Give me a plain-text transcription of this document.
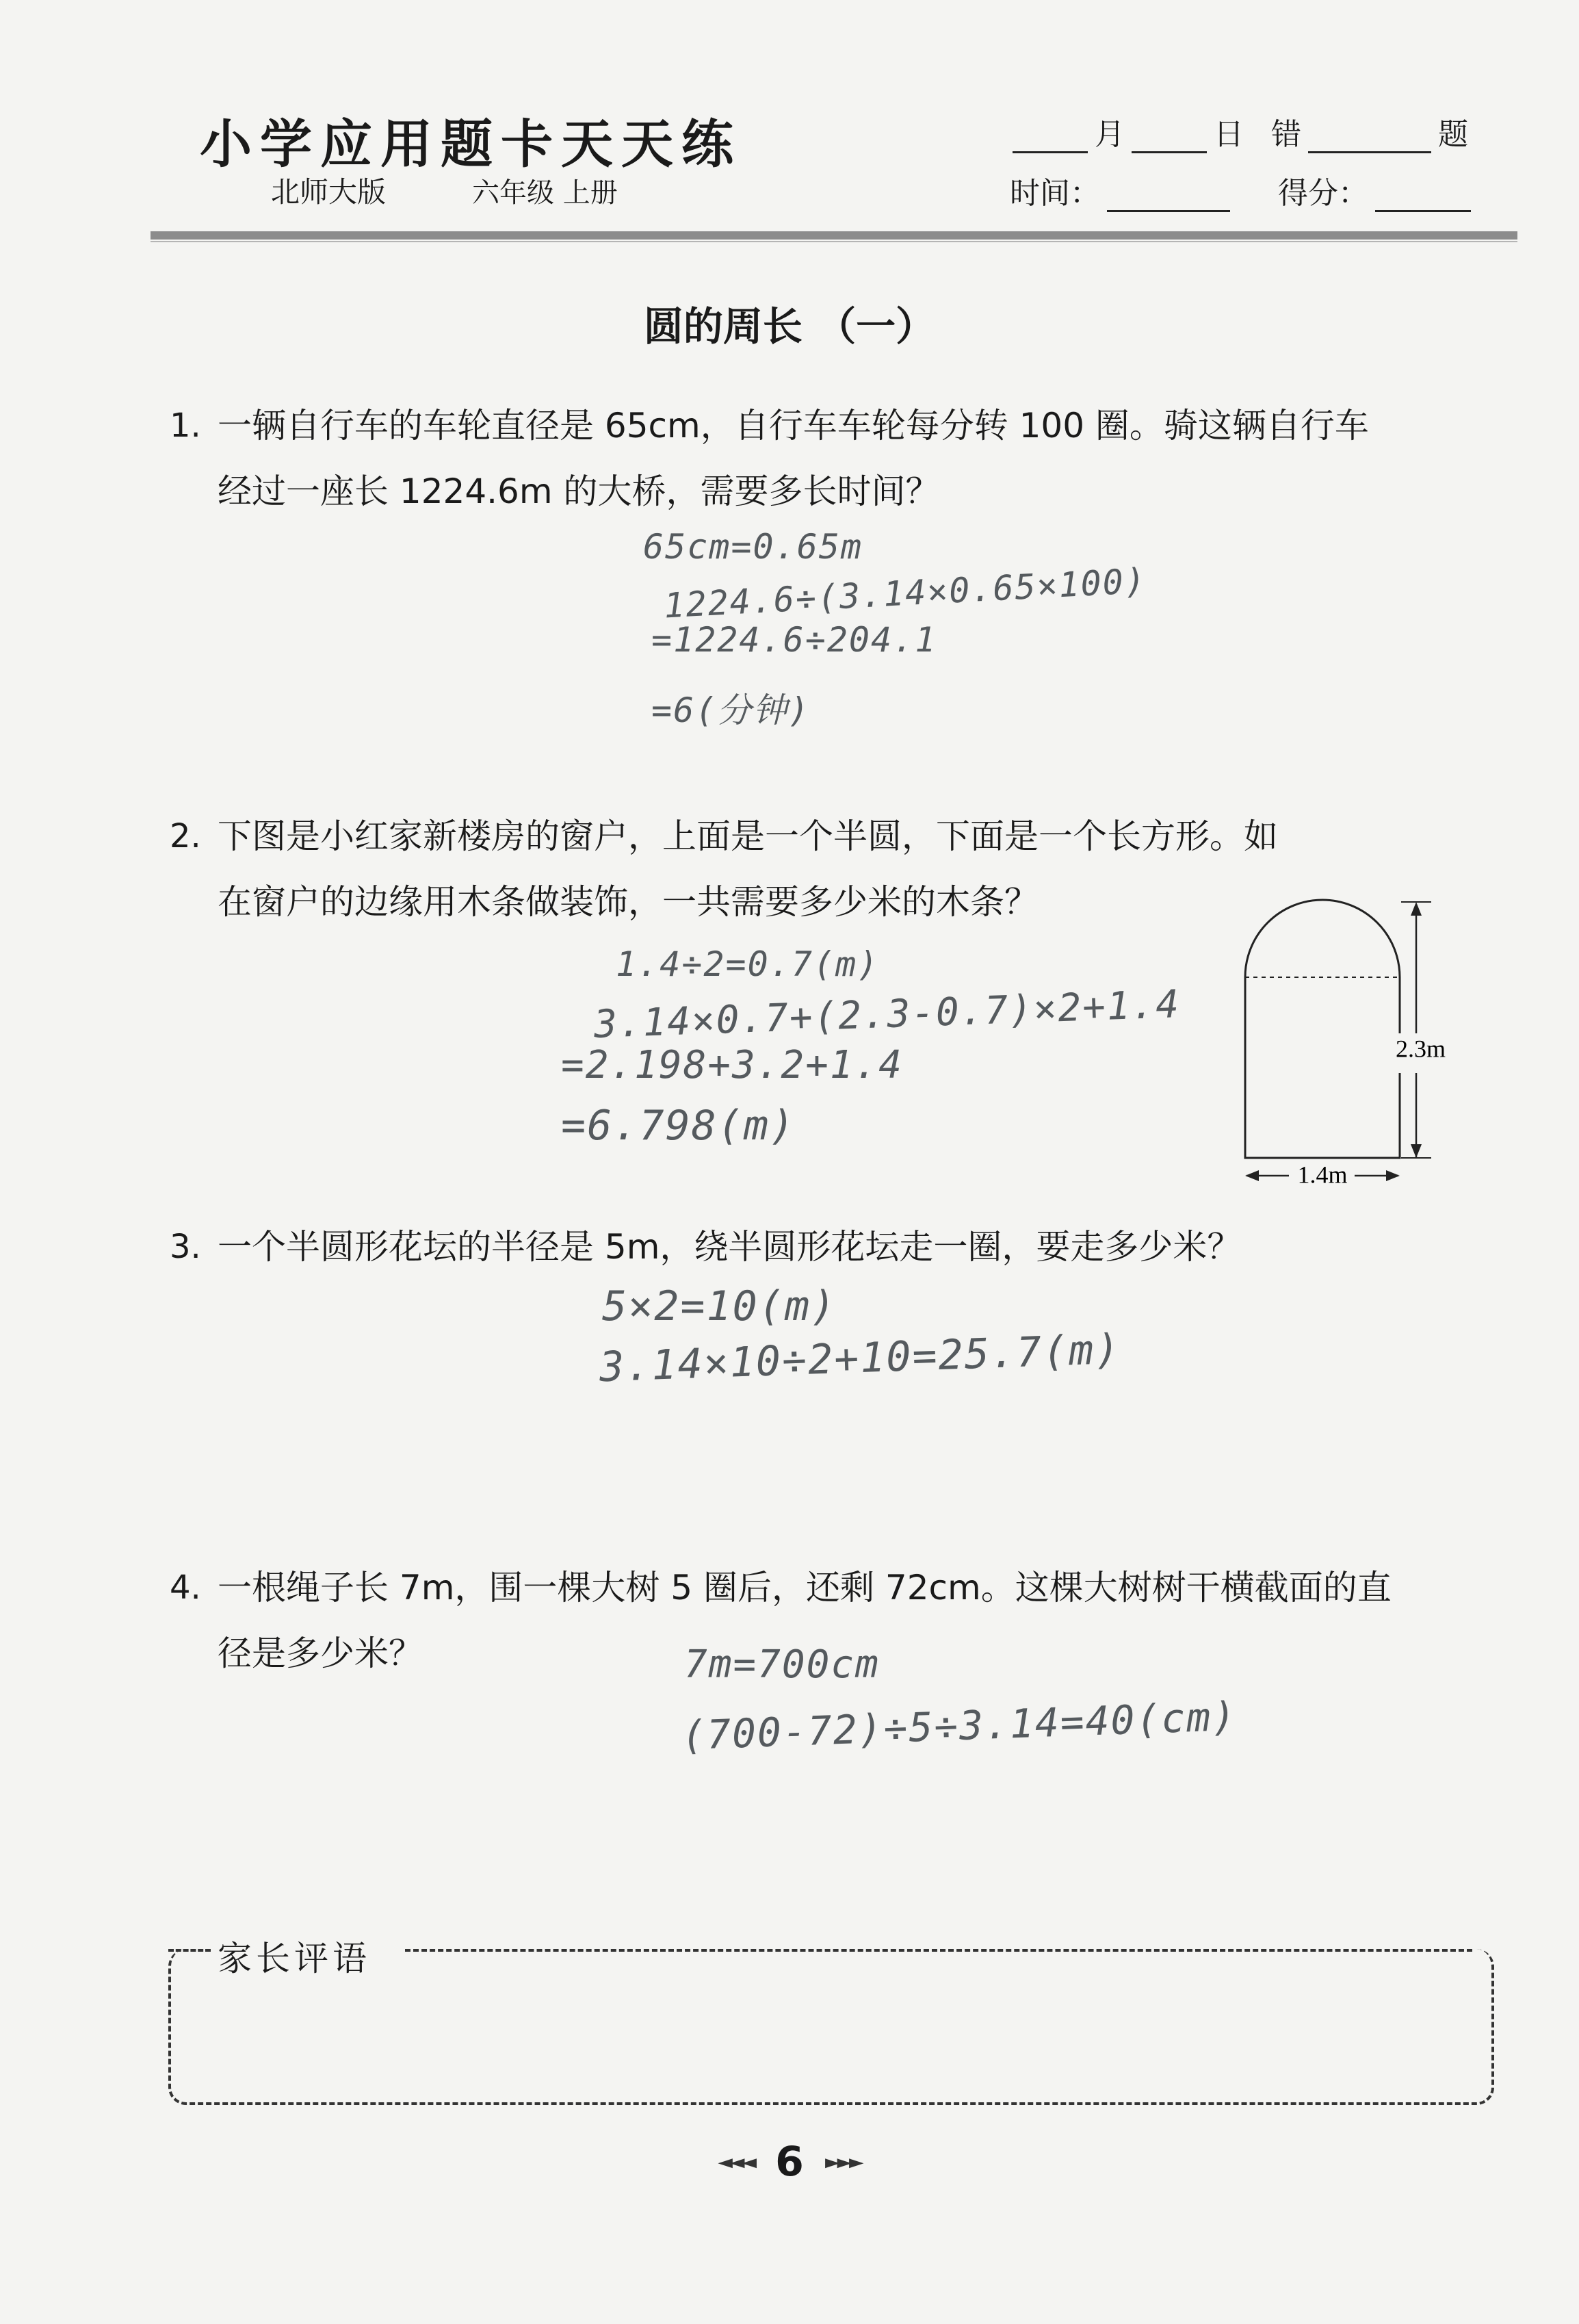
小学应用题卡天天练
北师大版	六年级 上册
月	日 错	题
时间：	得分：
圆的周长 （一）
1. 一辆自行车的车轮直径是 65cm，自行车车轮每分转 100 圈。骑这辆自行车
经过一座长 1224.6m 的大桥，需要多长时间？
65cm=0.65m
1224.6÷(3.14×0.65×100)
=1224.6÷204.1
=6(分钟)
2. 下图是小红家新楼房的窗户，上面是一个半圆，下面是一个长方形。如
在窗户的边缘用木条做装饰，一共需要多少米的木条？
1.4÷2=0.7(m)
3.14×0.7+(2.3-0.7)×2+1.4
=2.198+3.2+1.4
=6.798(m)
2.3m
1.4m
3. 一个半圆形花坛的半径是 5m，绕半圆形花坛走一圈，要走多少米？
5×2=10(m)
3.14×10÷2+10=25.7(m)
4. 一根绳子长 7m，围一棵大树 5 圈后，还剩 72cm。这棵大树树干横截面的直
径是多少米？	7m=700cm
(700-72)÷5÷3.14=40(cm)
家长评语
◄◄◄ 6 ►►►
